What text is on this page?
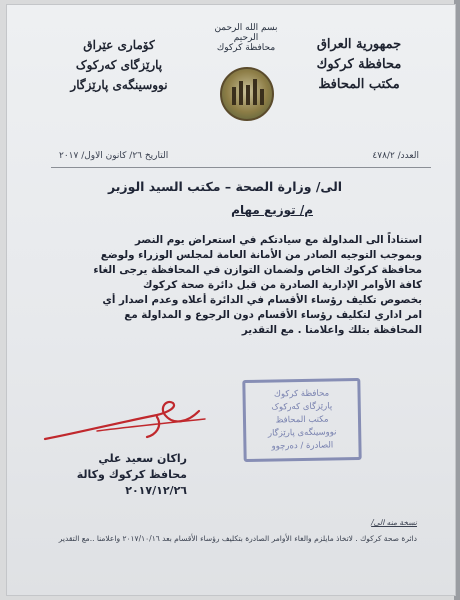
جمهورية العراق
محافظة كركوك
مكتب المحافظ
بسم الله الرحمن الرحيم
محافظة كركوك
كۆماری عێراق
پارێزگای کەرکوک
نووسینگەی پارێزگار
التاريخ ٢٦/ كانون الاول/ ٢٠١٧	العدد/ ٤٧٨/٢
الى/ وزارة الصحة – مكتب السيد الوزير
م/ توزيع مهام
استناداً الى المداولة مع سيادتكم في استعراض يوم النصر
وبموجب التوجيه الصادر من الأمانة العامة لمجلس الوزراء ولوضع
محافظة كركوك الخاص ولضمان التوازن في المحافظة يرجى الغاء
كافة الأوامر الإدارية الصادرة من قبل دائرة صحة كركوك
بخصوص تكليف رؤساء الأقسام في الدائرة أعلاه وعدم اصدار أي
امر اداري لتكليف رؤساء الأقسام دون الرجوع و المداولة مع
المحافظة بتلك واعلامنا . مع التقدير
محافظة كركوك
پارێزگای کەرکوک
مكتب المحافظ
نووسینگەی پارێزگار
الصادرة / دەرچوو
راكان سعيد علي
محافظ كركوك وكالة
٢٠١٧/١٢/٢٦
نسخة منه الى/
دائرة صحة كركوك . لاتخاذ مايلزم والغاء الأوامر الصادرة بتكليف رؤساء الأقسام بعد ٢٠١٧/١٠/١٦ واعلامنا ..مع التقدير
